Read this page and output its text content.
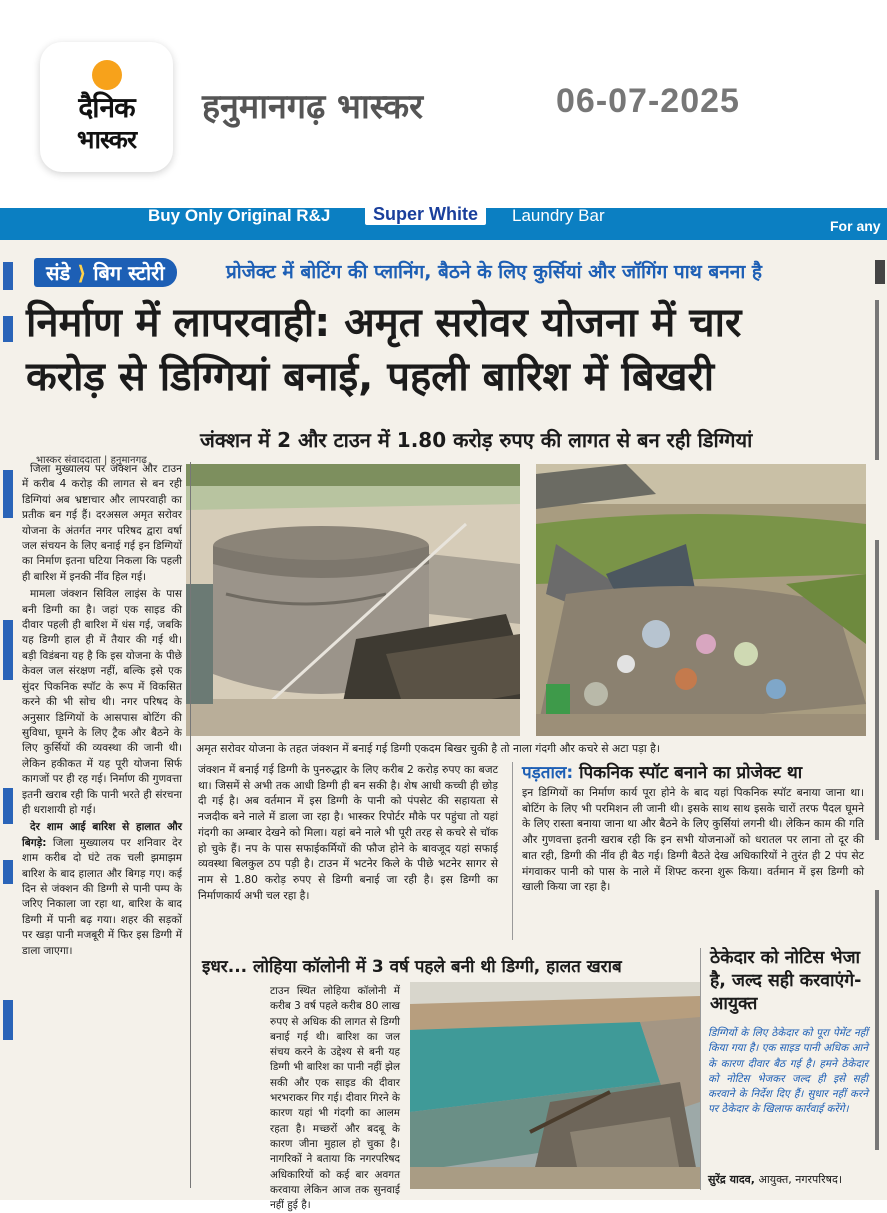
दैनिक
भास्कर
हनुमानगढ़ भास्कर	06-07-2025
Buy Only Original R&J	Super White	Laundry Bar
For any
संडे ⟩ बिग स्टोरी	प्रोजेक्ट में बोटिंग की प्लानिंग, बैठने के लिए कुर्सियां और जॉगिंग पाथ बनना है
निर्माण में लापरवाही: अमृत सरोवर योजना में चार
करोड़ से डिग्गियां बनाई, पहली बारिश में बिखरी
भास्कर संवाददाता | हनुमानगढ़
जंक्शन में 2 और टाउन में 1.80 करोड़ रुपए की लागत से बन रही डिग्गियां

जिला मुख्यालय पर जंक्शन और टाउन में करीब 4 करोड़ की लागत से बन रही डिग्गियां अब भ्रष्टाचार और लापरवाही का प्रतीक बन गई हैं। दरअसल अमृत सरोवर योजना के अंतर्गत नगर परिषद द्वारा वर्षा जल संचयन के लिए बनाई गई इन डिग्गियों का निर्माण इतना घटिया निकला कि पहली ही बारिश में इनकी नींव हिल गई।

मामला जंक्शन सिविल लाइंस के पास बनी डिग्गी का है। जहां एक साइड की दीवार पहली ही बारिश में धंस गई, जबकि यह डिग्गी हाल ही में तैयार की गई थी। बड़ी विडंबना यह है कि इस योजना के पीछे केवल जल संरक्षण नहीं, बल्कि इसे एक सुंदर पिकनिक स्पॉट के रूप में विकसित करने की भी सोच थी। नगर परिषद के अनुसार डिग्गियों के आसपास बोटिंग की सुविधा, घूमने के लिए ट्रैक और बैठने के लिए कुर्सियों की व्यवस्था की जानी थी। लेकिन हकीकत में यह पूरी योजना सिर्फ कागजों पर ही रह गई। निर्माण की गुणवत्ता इतनी खराब रही कि पानी भरते ही संरचना ही धराशायी हो गई।

देर शाम आई बारिश से हालात और बिगड़े: जिला मुख्यालय पर शनिवार देर शाम करीब दो घंटे तक चली झमाझम बारिश के बाद हालात और बिगड़ गए। कई दिन से जंक्शन की डिग्गी से पानी पम्प के जरिए निकाला जा रहा था, बारिश के बाद डिग्गी में पानी बढ़ गया। शहर की सड़कों पर खड़ा पानी मजबूरी में फिर इस डिग्गी में डाला जाएगा।

अमृत सरोवर योजना के तहत जंक्शन में बनाई गई डिग्गी एकदम बिखर चुकी है तो नाला गंदगी और कचरे से अटा पड़ा है।
जंक्शन में बनाई गई डिग्गी के पुनरुद्धार के लिए करीब 2 करोड़ रुपए का बजट था। जिसमें से अभी तक आधी डिग्गी ही बन सकी है। शेष आधी कच्ची ही छोड़ दी गई है। अब वर्तमान में इस डिग्गी के पानी को पंपसेट की सहायता से नजदीक बने नाले में डाला जा रहा है। भास्कर रिपोर्टर मौके पर पहुंचा तो यहां गंदगी का अम्बार देखने को मिला। यहां बने नाले भी पूरी तरह से कचरे से चॉक हो चुके हैं। नप के पास सफाईकर्मियों की फौज होने के बावजूद यहां सफाई व्यवस्था बिलकुल ठप पड़ी है। टाउन में भटनेर किले के पीछे भटनेर सागर से नाम से 1.80 करोड़ रुपए से डिग्गी बनाई जा रही है। इस डिग्गी का निर्माणकार्य अभी चल रहा है।
पड़ताल: पिकनिक स्पॉट बनाने का प्रोजेक्ट था
इन डिग्गियों का निर्माण कार्य पूरा होने के बाद यहां पिकनिक स्पॉट बनाया जाना था। बोटिंग के लिए भी परमिशन ली जानी थी। इसके साथ साथ इसके चारों तरफ पैदल घूमने के लिए रास्ता बनाया जाना था और बैठने के लिए कुर्सियां लगनी थी। लेकिन काम की गति और गुणवत्ता इतनी खराब रही कि इन सभी योजनाओं को धरातल पर लाना तो दूर की बात रही, डिग्गी की नींव ही बैठ गई। डिग्गी बैठते देख अधिकारियों ने तुरंत ही 2 पंप सेट मंगवाकर पानी को पास के नाले में शिफ्ट करना शुरू किया। वर्तमान में इस डिग्गी को खाली किया जा रहा है।
इधर... लोहिया कॉलोनी में 3 वर्ष पहले बनी थी डिग्गी, हालत खराब
टाउन स्थित लोहिया कॉलोनी में करीब 3 वर्ष पहले करीब 80 लाख रुपए से अधिक की लागत से डिग्गी बनाई गई थी। बारिश का जल संचय करने के उद्देश्य से बनी यह डिग्गी भी बारिश का पानी नहीं झेल सकी और एक साइड की दीवार भरभराकर गिर गई। दीवार गिरने के कारण यहां भी गंदगी का आलम रहता है। मच्छरों और बदबू के कारण जीना मुहाल हो चुका है। नागरिकों ने बताया कि नगरपरिषद अधिकारियों को कई बार अवगत करवाया लेकिन आज तक सुनवाई नहीं हुई है।
ठेकेदार को नोटिस भेजा है, जल्द सही करवाएंगे- आयुक्त
डिग्गियों के लिए ठेकेदार को पूरा पेमेंट नहीं किया गया है। एक साइड पानी अधिक आने के कारण दीवार बैठ गई है। हमने ठेकेदार को नोटिस भेजकर जल्द ही इसे सही करवाने के निर्देश दिए हैं। सुधार नहीं करने पर ठेकेदार के खिलाफ कार्रवाई करेंगे।
सुरेंद्र यादव, आयुक्त, नगरपरिषद।
